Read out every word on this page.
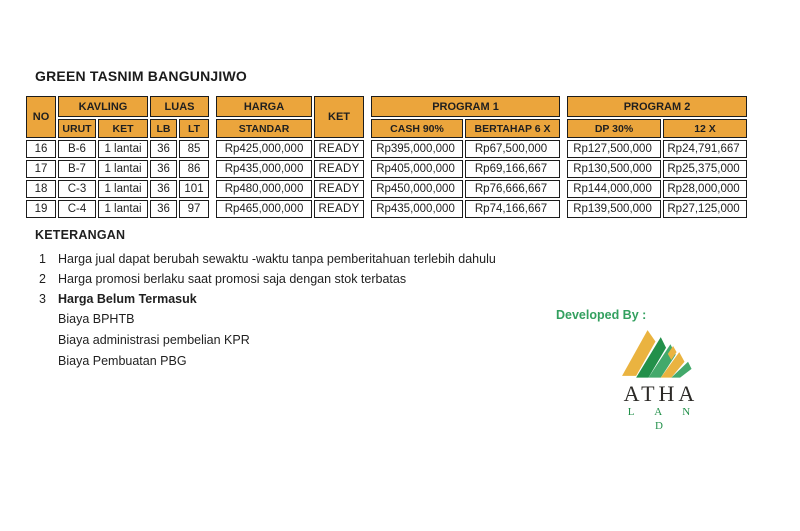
GREEN TASNIM BANGUNJIWO
NO	KAVLING		LUAS			HARGA	KET		PROGRAM 1			PROGRAM 2	
	URUT	KET	LB	LT		STANDAR			CASH 90%	BERTAHAP 6 X		DP 30%	12 X
16	B-6	1 lantai	36	85		Rp425,000,000	READY		Rp395,000,000	Rp67,500,000		Rp127,500,000	Rp24,791,667
17	B-7	1 lantai	36	86		Rp435,000,000	READY		Rp405,000,000	Rp69,166,667		Rp130,500,000	Rp25,375,000
18	C-3	1 lantai	36	101		Rp480,000,000	READY		Rp450,000,000	Rp76,666,667		Rp144,000,000	Rp28,000,000
19	C-4	1 lantai	36	97		Rp465,000,000	READY		Rp435,000,000	Rp74,166,667		Rp139,500,000	Rp27,125,000
KETERANGAN
1 Harga jual dapat berubah sewaktu -waktu tanpa pemberitahuan terlebih dahulu
2 Harga promosi berlaku saat promosi saja dengan stok terbatas
3 Harga Belum Termasuk
Biaya BPHTB
Biaya administrasi pembelian KPR
Biaya Pembuatan PBG
Developed By :
ATHA
L A N D
